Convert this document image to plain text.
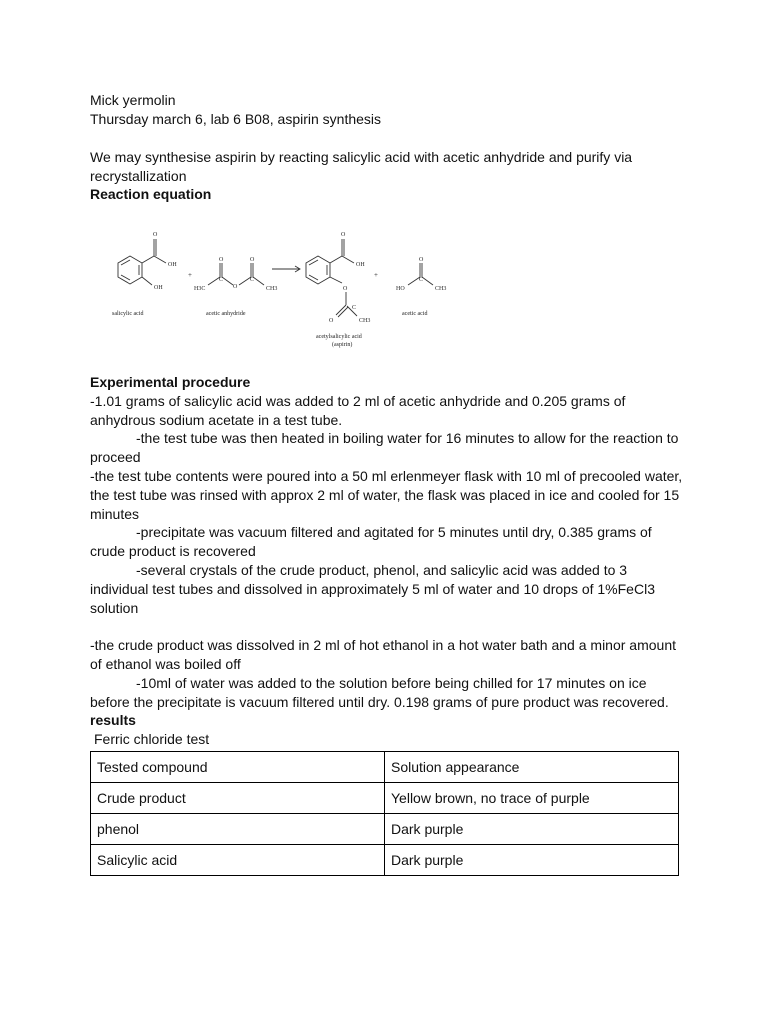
Mick yermolin

Thursday march 6, lab 6 B08, aspirin synthesis

We may synthesise aspirin by reacting salicylic acid with acetic anhydride and purify via recrystallization

Reaction equation

O
OH
OH
salicylic acid
+
O	O
C	C
O
H3C	CH3
acetic anhydride
O
OH
O
O
C
CH3
acetylsalicylic acid
(aspirin)
+
O
C
HO	CH3
acetic acid

Experimental procedure

-1.01 grams of salicylic acid was added to 2 ml of acetic anhydride and 0.205 grams of anhydrous sodium acetate in a test tube.

-the test tube was then heated in boiling water for 16 minutes to allow for the reaction to proceed

-the test tube contents were poured into a 50 ml erlenmeyer flask with 10 ml of precooled water, the test tube was rinsed with approx 2 ml of water, the flask was placed in ice and cooled for 15 minutes

-precipitate was vacuum filtered and agitated for 5 minutes until dry, 0.385 grams of crude product is recovered

-several crystals of the crude product, phenol, and salicylic acid was added to 3 individual test tubes and dissolved in approximately 5 ml of water and 10 drops of 1%FeCl3 solution

-the crude product was dissolved in 2 ml of hot ethanol in a hot water bath and a minor amount of ethanol was boiled off

-10ml of water was added to the solution before being chilled for 17 minutes on ice before the precipitate is vacuum filtered until dry. 0.198 grams of pure product was recovered.

results

Ferric chloride test

Tested compound	Solution appearance
Crude product	Yellow brown, no trace of purple
phenol	Dark purple
Salicylic acid	Dark purple
